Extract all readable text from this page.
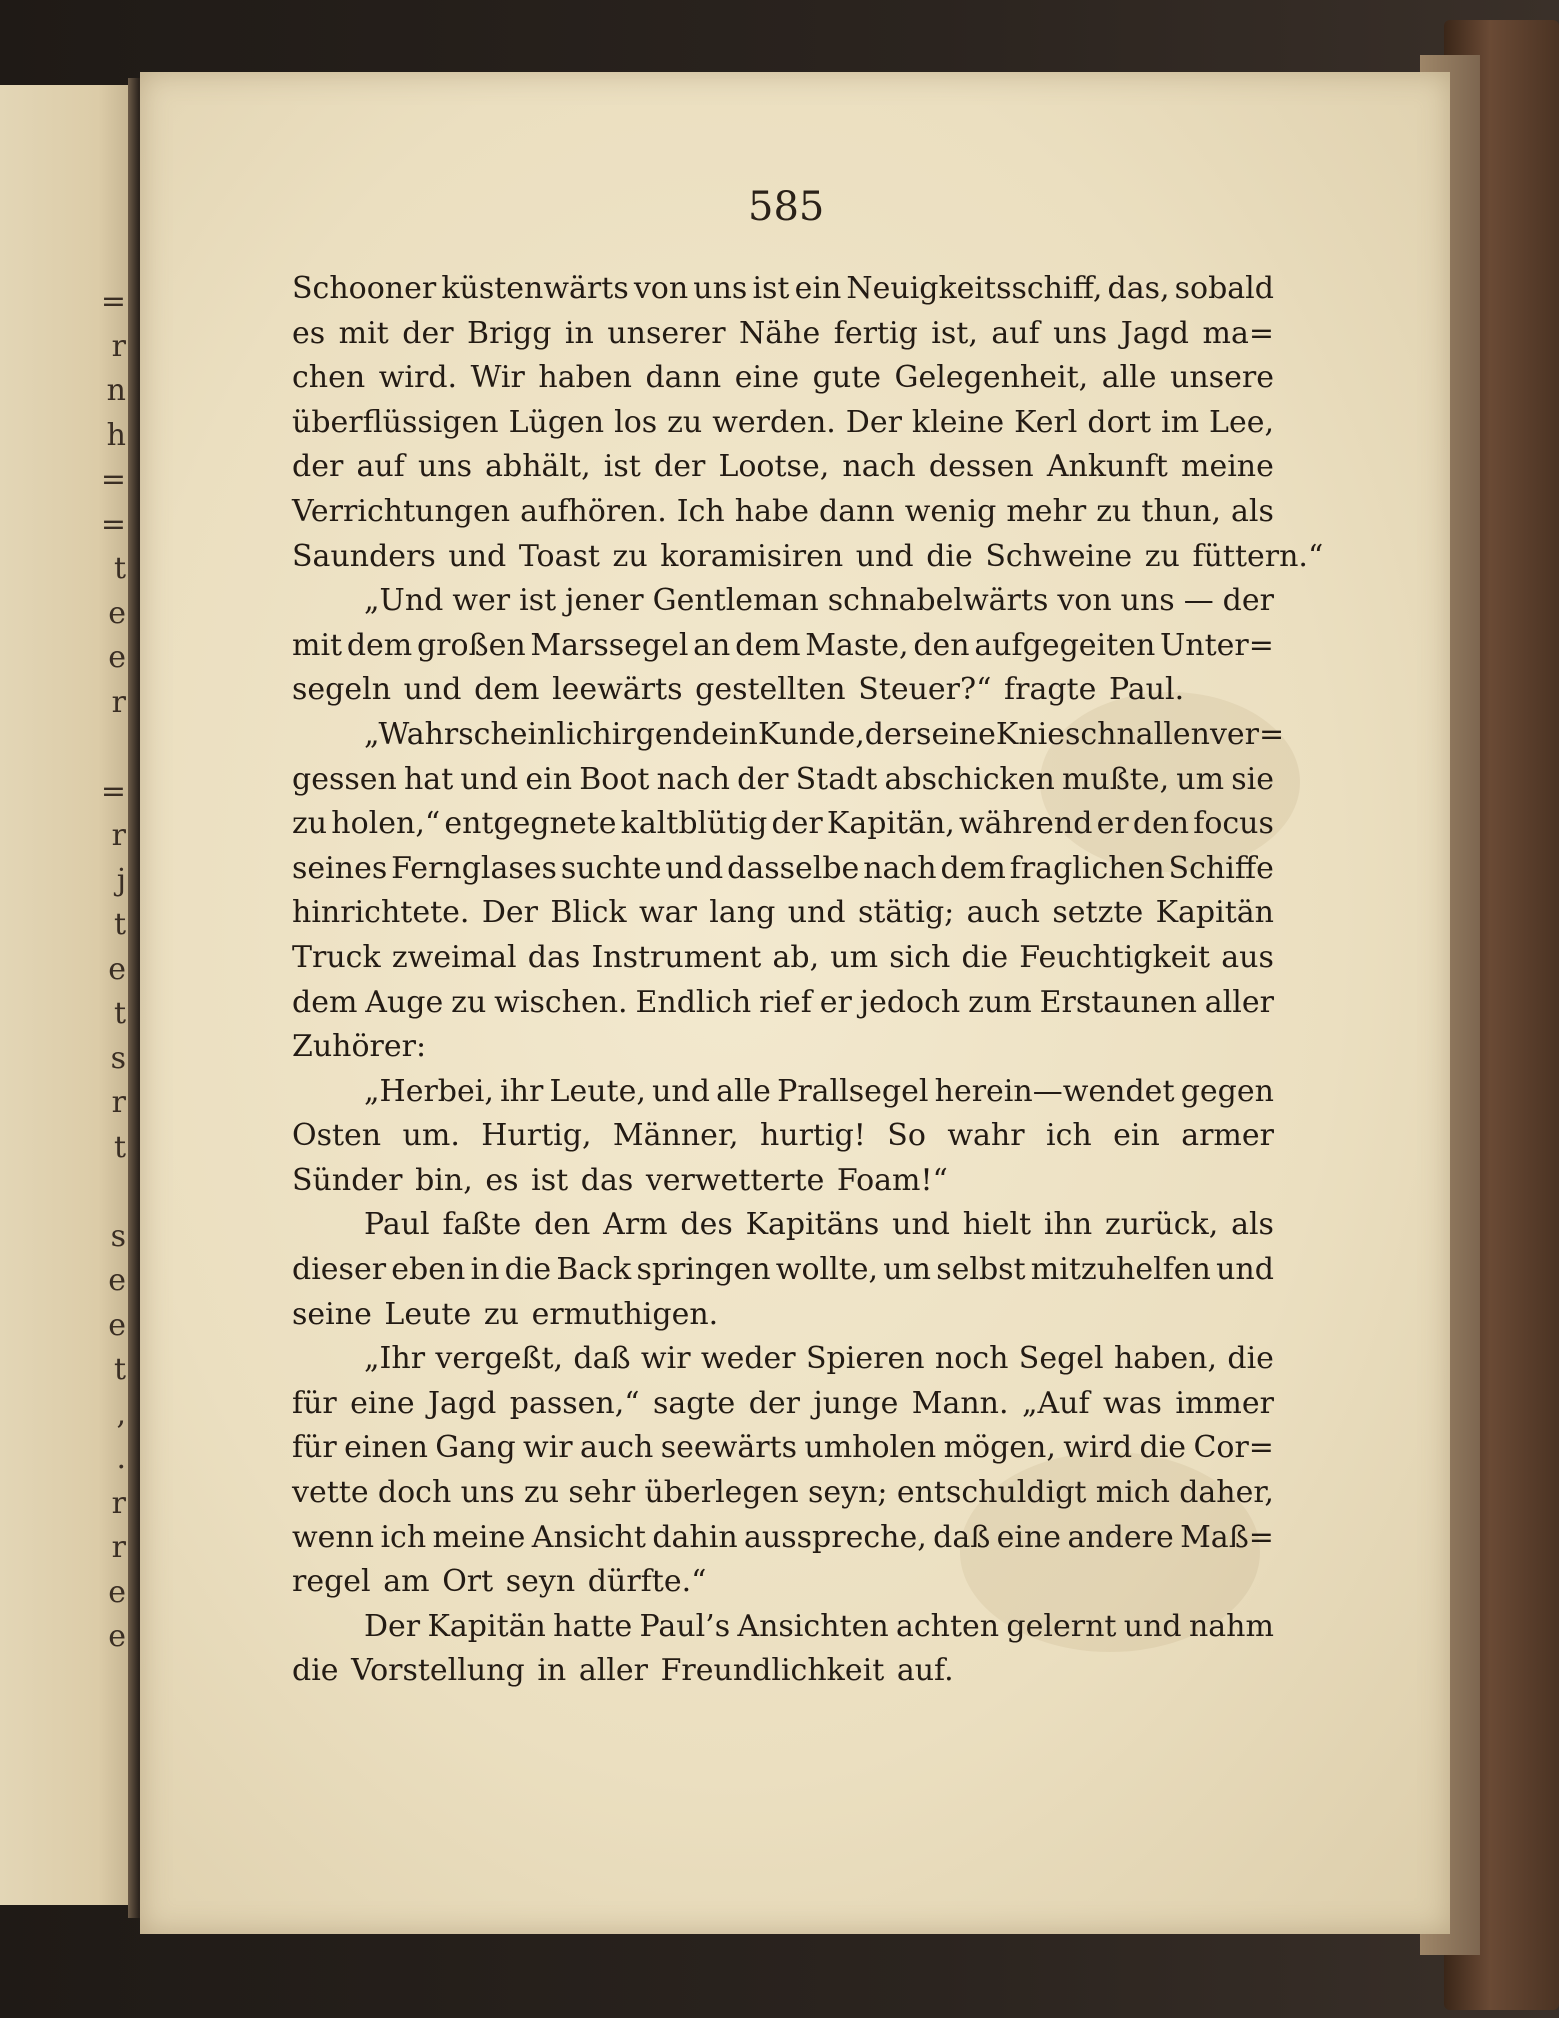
=
r
n
h
=
=
t
e
e
r
=
r
j
t
e
t
s
r
t
s
e
e
t
,
.
r
r
e
e
585
Schooner küstenwärts von uns ist ein Neuigkeitsschiff, das, sobald
es mit der Brigg in unserer Nähe fertig ist, auf uns Jagd ma=
chen wird. Wir haben dann eine gute Gelegenheit, alle unsere
überflüssigen Lügen los zu werden. Der kleine Kerl dort im Lee,
der auf uns abhält, ist der Lootse, nach dessen Ankunft meine
Verrichtungen aufhören. Ich habe dann wenig mehr zu thun, als
Saunders und Toast zu koramisiren und die Schweine zu füttern.“
„Und wer ist jener Gentleman schnabelwärts von uns — der
mit dem großen Marssegel an dem Maste, den aufgegeiten Unter=
segeln und dem leewärts gestellten Steuer?“ fragte Paul.
„Wahrscheinlich irgend ein Kunde, der seine Knieschnallen ver=
gessen hat und ein Boot nach der Stadt abschicken mußte, um sie
zu holen,“ entgegnete kaltblütig der Kapitän, während er den focus
seines Fernglases suchte und dasselbe nach dem fraglichen Schiffe
hinrichtete. Der Blick war lang und stätig; auch setzte Kapitän
Truck zweimal das Instrument ab, um sich die Feuchtigkeit aus
dem Auge zu wischen. Endlich rief er jedoch zum Erstaunen aller
Zuhörer:
„Herbei, ihr Leute, und alle Prallsegel herein—wendet gegen
Osten um. Hurtig, Männer, hurtig! So wahr ich ein armer
Sünder bin, es ist das verwetterte Foam!“
Paul faßte den Arm des Kapitäns und hielt ihn zurück, als
dieser eben in die Back springen wollte, um selbst mitzuhelfen und
seine Leute zu ermuthigen.
„Ihr vergeßt, daß wir weder Spieren noch Segel haben, die
für eine Jagd passen,“ sagte der junge Mann. „Auf was immer
für einen Gang wir auch seewärts umholen mögen, wird die Cor=
vette doch uns zu sehr überlegen seyn; entschuldigt mich daher,
wenn ich meine Ansicht dahin ausspreche, daß eine andere Maß=
regel am Ort seyn dürfte.“
Der Kapitän hatte Paul’s Ansichten achten gelernt und nahm
die Vorstellung in aller Freundlichkeit auf.
